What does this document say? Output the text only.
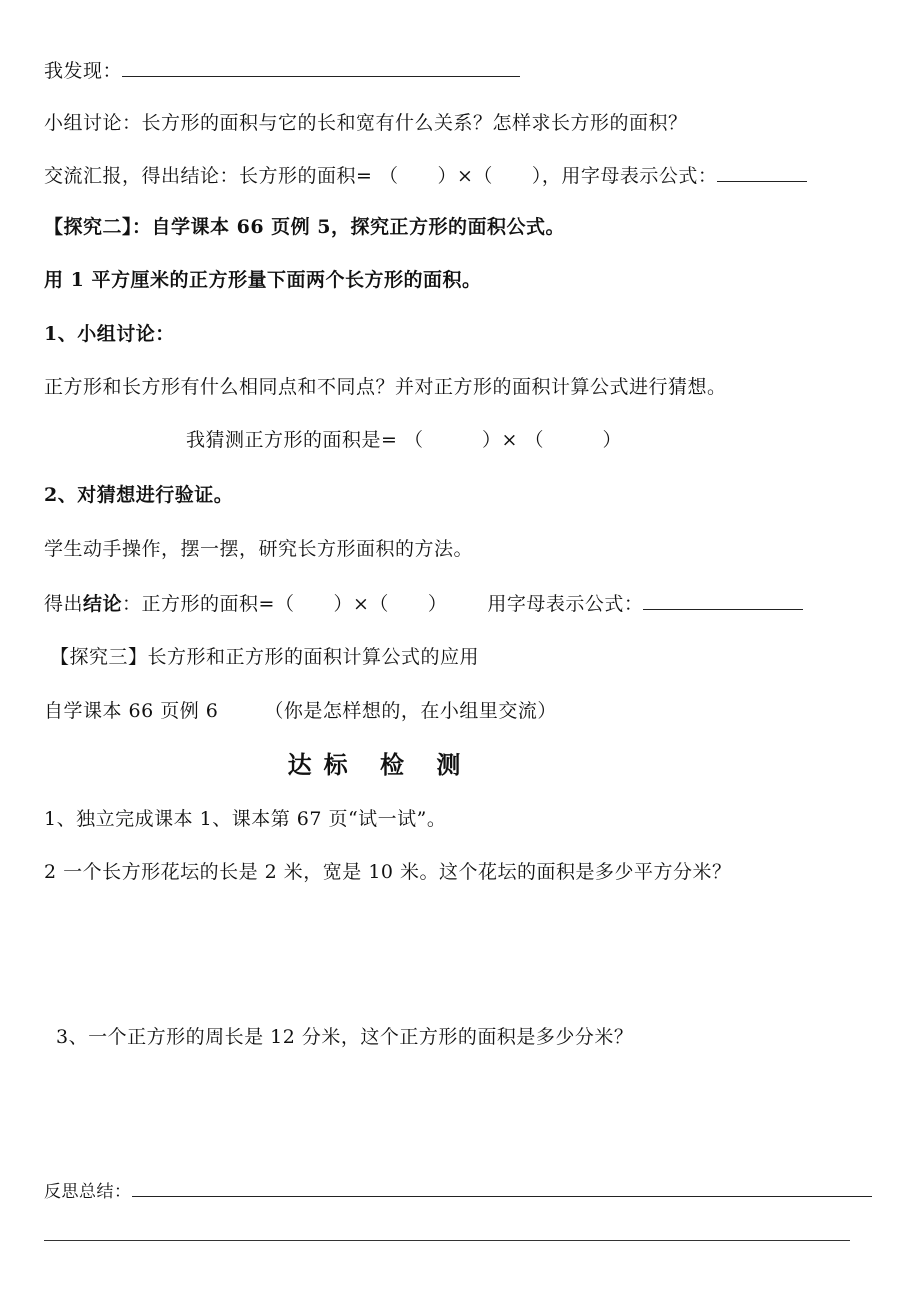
我发现：
小组讨论：长方形的面积与它的长和宽有什么关系？怎样求长方形的面积？
交流汇报，得出结论：长方形的面积= （　　）×（　　），用字母表示公式：
【探究二】：自学课本 66 页例 5，探究正方形的面积公式。
用 1 平方厘米的正方形量下面两个长方形的面积。
1、小组讨论：
正方形和长方形有什么相同点和不同点？并对正方形的面积计算公式进行猜想。
我猜测正方形的面积是= （　　　）× （　　　）
2、对猜想进行验证。
学生动手操作，摆一摆，研究长方形面积的方法。
得出结论：正方形的面积=（　　）×（　　） 用字母表示公式：
【探究三】长方形和正方形的面积计算公式的应用
自学课本 66 页例 6 （你是怎样想的，在小组里交流）
达标 检 测
1、独立完成课本 1、课本第 67 页“试一试”。
2 一个长方形花坛的长是 2 米，宽是 10 米。这个花坛的面积是多少平方分米？
3、一个正方形的周长是 12 分米，这个正方形的面积是多少分米？
反思总结：
